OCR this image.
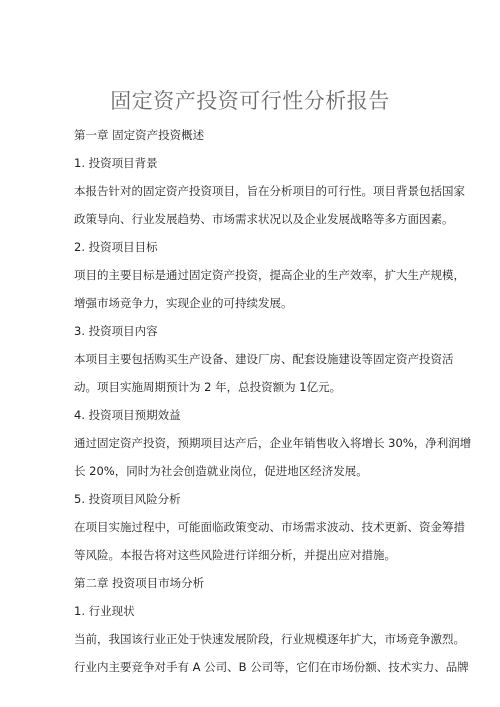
固定资产投资可行性分析报告
第一章 固定资产投资概述
1. 投资项目背景
本报告针对的固定资产投资项目，旨在分析项目的可行性。项目背景包括国家
政策导向、行业发展趋势、市场需求状况以及企业发展战略等多方面因素。
2. 投资项目目标
项目的主要目标是通过固定资产投资，提高企业的生产效率，扩大生产规模，
增强市场竞争力，实现企业的可持续发展。
3. 投资项目内容
本项目主要包括购买生产设备、建设厂房、配套设施建设等固定资产投资活
动。项目实施周期预计为 2 年，总投资额为 1亿元。
4. 投资项目预期效益
通过固定资产投资，预期项目达产后，企业年销售收入将增长 30%，净利润增
长 20%，同时为社会创造就业岗位，促进地区经济发展。
5. 投资项目风险分析
在项目实施过程中，可能面临政策变动、市场需求波动、技术更新、资金筹措
等风险。本报告将对这些风险进行详细分析，并提出应对措施。
第二章 投资项目市场分析
1. 行业现状
当前，我国该行业正处于快速发展阶段，行业规模逐年扩大，市场竞争激烈。
行业内主要竞争对手有 A 公司、B 公司等，它们在市场份额、技术实力、品牌
